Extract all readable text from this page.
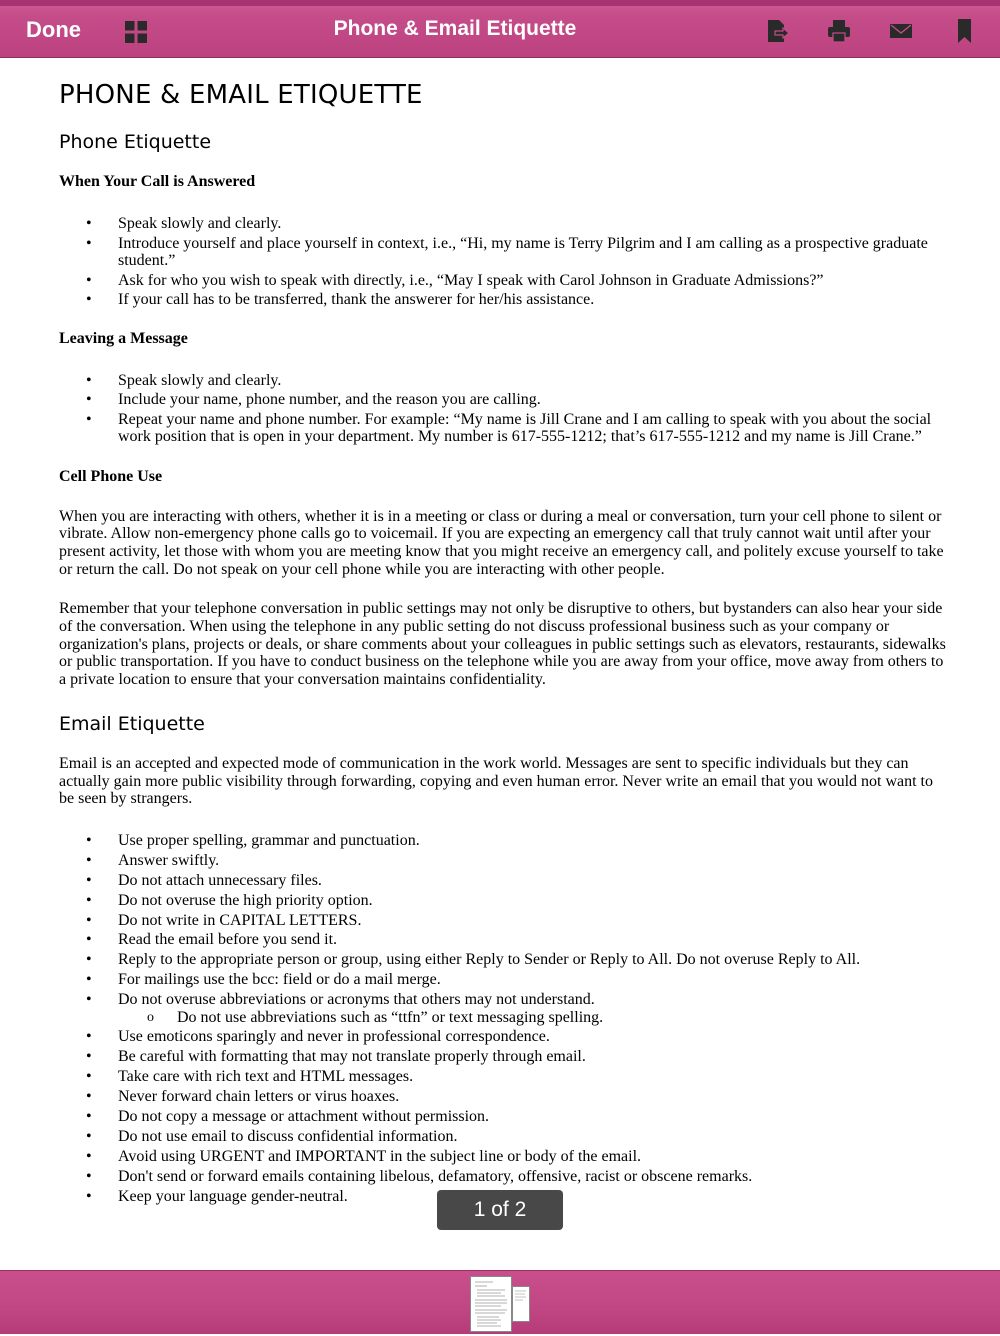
Done	Phone & Email Etiquette
PHONE & EMAIL ETIQUETTE
Phone Etiquette
When Your Call is Answered
• Speak slowly and clearly.
• Introduce yourself and place yourself in context, i.e., “Hi, my name is Terry Pilgrim and I am calling as a prospective graduate student.”
• Ask for who you wish to speak with directly, i.e., “May I speak with Carol Johnson in Graduate Admissions?”
• If your call has to be transferred, thank the answerer for her/his assistance.
Leaving a Message
• Speak slowly and clearly.
• Include your name, phone number, and the reason you are calling.
• Repeat your name and phone number. For example: “My name is Jill Crane and I am calling to speak with you about the social work position that is open in your department. My number is 617-555-1212; that’s 617-555-1212 and my name is Jill Crane.”
Cell Phone Use

When you are interacting with others, whether it is in a meeting or class or during a meal or conversation, turn your cell phone to silent or vibrate. Allow non-emergency phone calls go to voicemail. If you are expecting an emergency call that truly cannot wait until after your present activity, let those with whom you are meeting know that you might receive an emergency call, and politely excuse yourself to take or return the call. Do not speak on your cell phone while you are interacting with other people.

Remember that your telephone conversation in public settings may not only be disruptive to others, but bystanders can also hear your side of the conversation. When using the telephone in any public setting do not discuss professional business such as your company or organization's plans, projects or deals, or share comments about your colleagues in public settings such as elevators, restaurants, sidewalks or public transportation. If you have to conduct business on the telephone while you are away from your office, move away from others to a private location to ensure that your conversation maintains confidentiality.

Email Etiquette

Email is an accepted and expected mode of communication in the work world. Messages are sent to specific individuals but they can actually gain more public visibility through forwarding, copying and even human error. Never write an email that you would not want to be seen by strangers.

• Use proper spelling, grammar and punctuation.
• Answer swiftly.
• Do not attach unnecessary files.
• Do not overuse the high priority option.
• Do not write in CAPITAL LETTERS.
• Read the email before you send it.
• Reply to the appropriate person or group, using either Reply to Sender or Reply to All. Do not overuse Reply to All.
• For mailings use the bcc: field or do a mail merge.
• Do not overuse abbreviations or acronyms that others may not understand.
o Do not use abbreviations such as “ttfn” or text messaging spelling.
• Use emoticons sparingly and never in professional correspondence.
• Be careful with formatting that may not translate properly through email.
• Take care with rich text and HTML messages.
• Never forward chain letters or virus hoaxes.
• Do not copy a message or attachment without permission.
• Do not use email to discuss confidential information.
• Avoid using URGENT and IMPORTANT in the subject line or body of the email.
• Don't send or forward emails containing libelous, defamatory, offensive, racist or obscene remarks.
• Keep your language gender-neutral.
1 of 2
